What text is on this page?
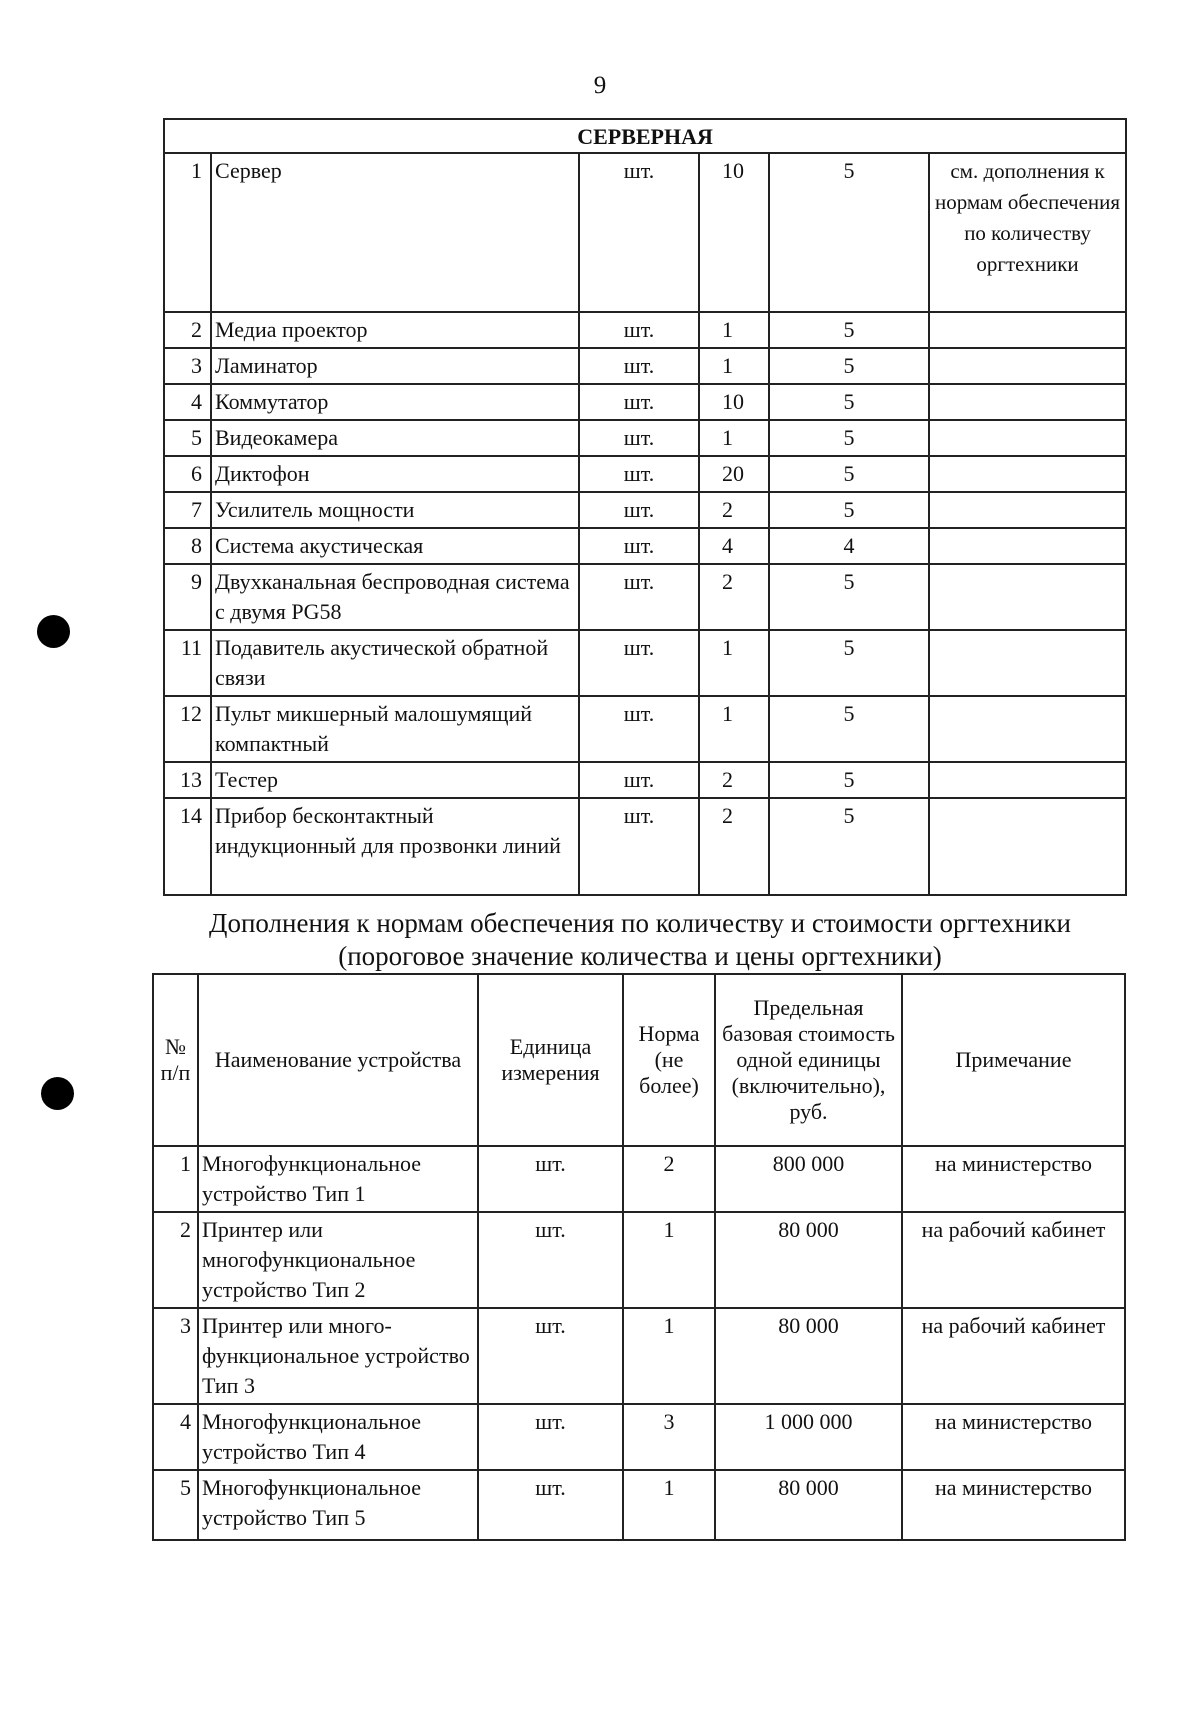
9
СЕРВЕРНАЯ					
1	Сервер	шт.	10	5	см. дополнения к нормам обеспечения по количеству оргтехники
2	Медиа проектор	шт.	1	5	
3	Ламинатор	шт.	1	5	
4	Коммутатор	шт.	10	5	
5	Видеокамера	шт.	1	5	
6	Диктофон	шт.	20	5	
7	Усилитель мощности	шт.	2	5	
8	Система акустическая	шт.	4	4	
9	Двухканальная беспроводная система с двумя PG58	шт.	2	5	
11	Подавитель акустической обратной связи	шт.	1	5	
12	Пульт микшерный малошумящий компактный	шт.	1	5	
13	Тестер	шт.	2	5	
14	Прибор бесконтактный индукционный для прозвонки линий	шт.	2	5	
Дополнения к нормам обеспечения по количеству и стоимости оргтехники
(пороговое значение количества и цены оргтехники)
№ п/п	Наименование устройства	Единица измерения	Норма (не более)	Предельная базовая стоимость одной единицы (включительно), руб.	Примечание
1	Многофункциональное устройство Тип 1	шт.	2	800 000	на министерство
2	Принтер или многофункциональное устройство Тип 2	шт.	1	80 000	на рабочий кабинет
3	Принтер или много-функциональное устройство Тип 3	шт.	1	80 000	на рабочий кабинет
4	Многофункциональное устройство Тип 4	шт.	3	1 000 000	на министерство
5	Многофункциональное устройство Тип 5	шт.	1	80 000	на министерство
